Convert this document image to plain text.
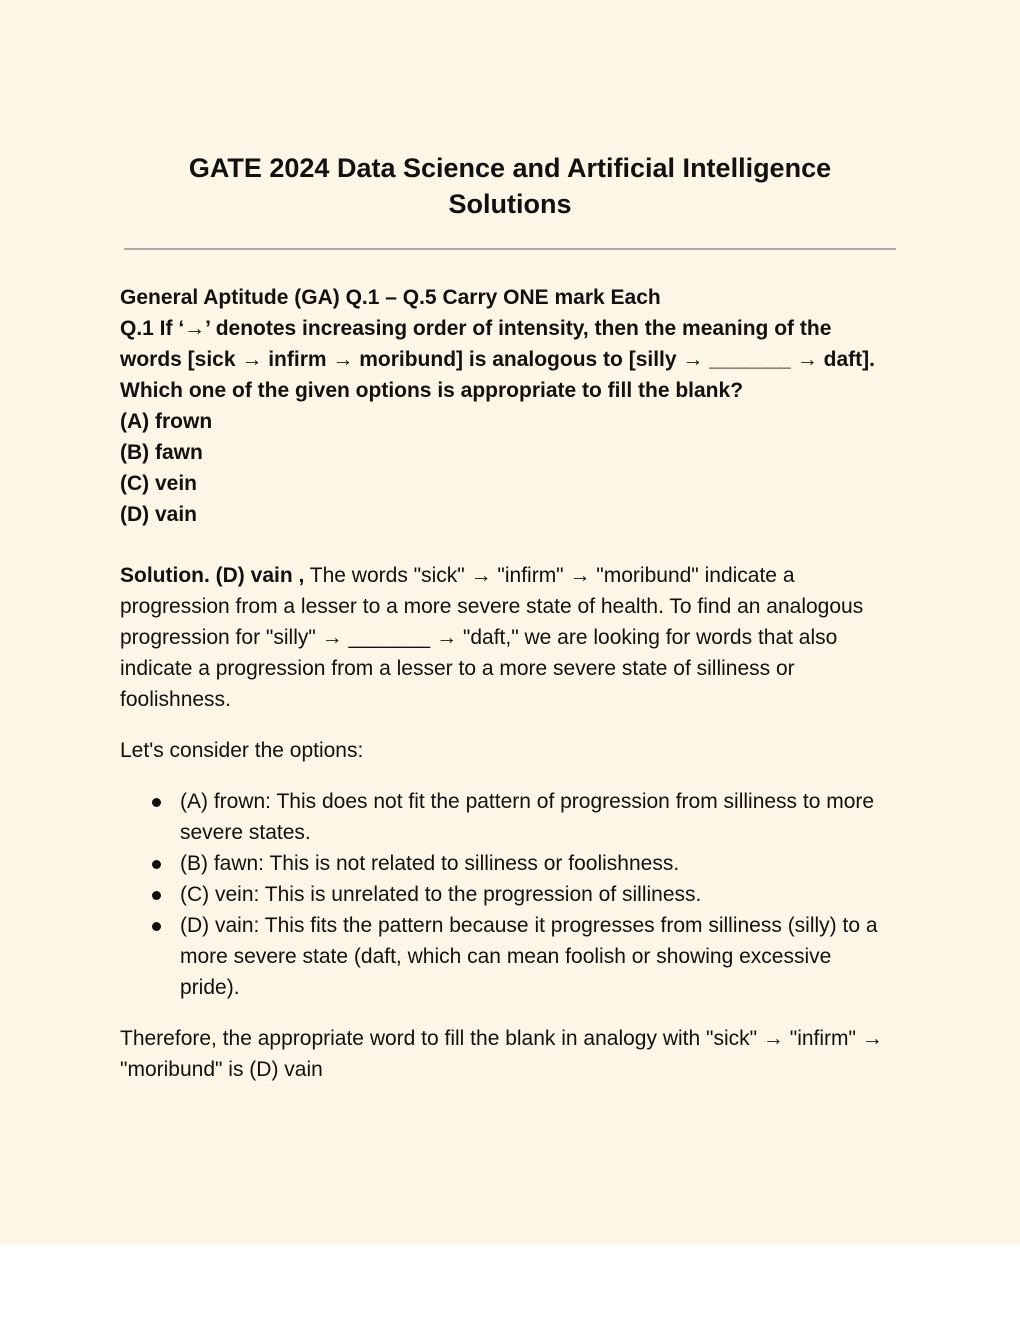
GATE 2024 Data Science and Artificial Intelligence
Solutions

General Aptitude (GA) Q.1 – Q.5 Carry ONE mark Each

Q.1 If ‘→’ denotes increasing order of intensity, then the meaning of the words [sick → infirm → moribund] is analogous to [silly → _______ → daft]. Which one of the given options is appropriate to fill the blank?

(A) frown
(B) fawn
(C) vein
(D) vain

Solution. (D) vain , The words "sick" → "infirm" → "moribund" indicate a progression from a lesser to a more severe state of health. To find an analogous progression for "silly" → _______ → "daft," we are looking for words that also indicate a progression from a lesser to a more severe state of silliness or foolishness.

Let's consider the options:

(A) frown: This does not fit the pattern of progression from silliness to more severe states.
(B) fawn: This is not related to silliness or foolishness.
(C) vein: This is unrelated to the progression of silliness.
(D) vain: This fits the pattern because it progresses from silliness (silly) to a more severe state (daft, which can mean foolish or showing excessive pride).

Therefore, the appropriate word to fill the blank in analogy with "sick" → "infirm" → "moribund" is (D) vain
